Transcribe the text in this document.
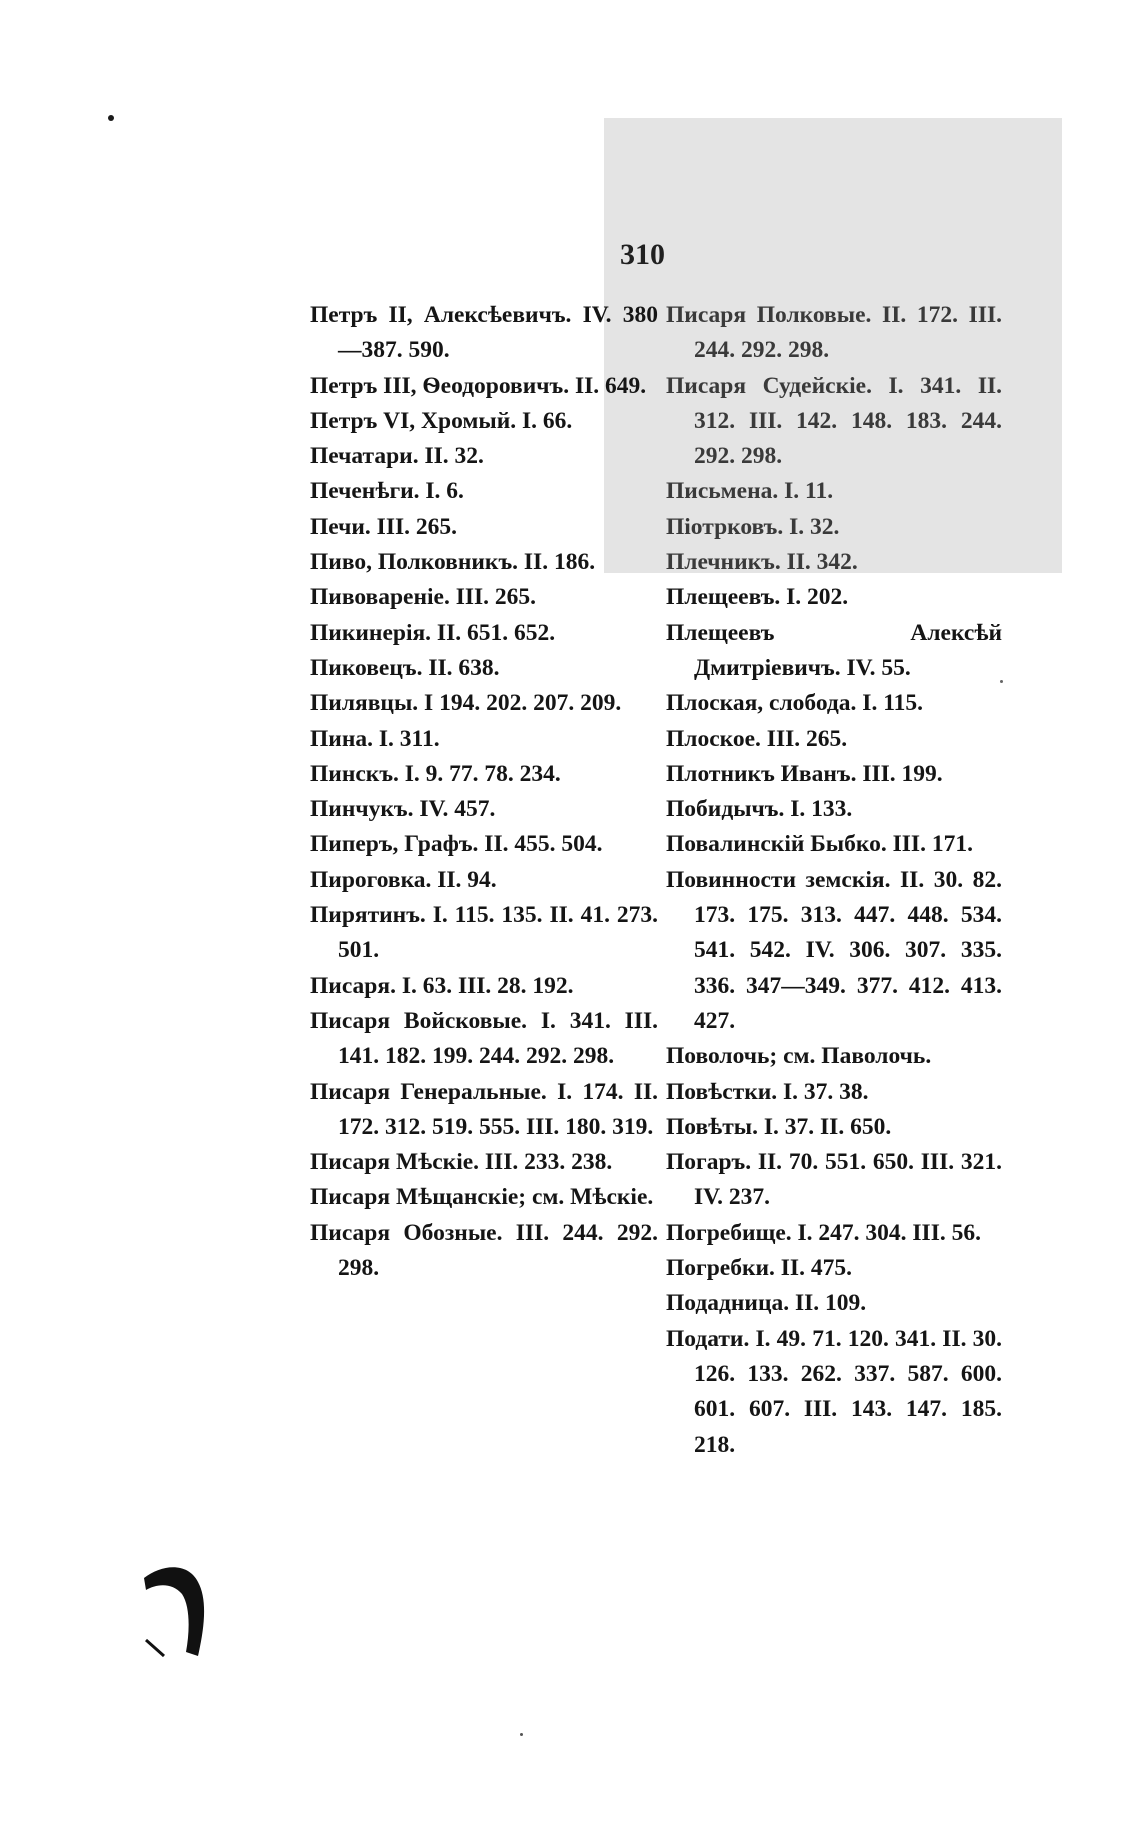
310
Петръ II, Алексѣевичъ. IV. 380—387. 590.
Петръ III, Ѳеодоровичъ. II. 649.
Петръ VI, Хромый. I. 66.
Печатари. II. 32.
Печенѣги. I. 6.
Печи. III. 265.
Пиво, Полковникъ. II. 186.
Пивовареніе. III. 265.
Пикинерія. II. 651. 652.
Пиковецъ. II. 638.
Пилявцы. I 194. 202. 207. 209.
Пина. I. 311.
Пинскъ. I. 9. 77. 78. 234.
Пинчукъ. IV. 457.
Пиперъ, Графъ. II. 455. 504.
Пироговка. II. 94.
Пирятинъ. I. 115. 135. II. 41. 273. 501.
Писаря. I. 63. III. 28. 192.
Писаря Войсковые. I. 341. III. 141. 182. 199. 244. 292. 298.
Писаря Генеральные. I. 174. II. 172. 312. 519. 555. III. 180. 319.
Писаря Мѣскіе. III. 233. 238.
Писаря Мѣщанскіе; см. Мѣскіе.
Писаря Обозные. III. 244. 292. 298.
Писаря Полковые. II. 172. III. 244. 292. 298.
Писаря Судейскіе. I. 341. II. 312. III. 142. 148. 183. 244. 292. 298.
Письмена. I. 11.
Піотрковъ. I. 32.
Плечникъ. II. 342.
Плещеевъ. I. 202.
Плещеевъ Алексѣй Дмитріевичъ. IV. 55.
Плоская, слобода. I. 115.
Плоское. III. 265.
Плотникъ Иванъ. III. 199.
Побидычъ. I. 133.
Повалинскій Быбко. III. 171.
Повинности земскія. II. 30. 82. 173. 175. 313. 447. 448. 534. 541. 542. IV. 306. 307. 335. 336. 347—349. 377. 412. 413. 427.
Поволочь; см. Паволочь.
Повѣстки. I. 37. 38.
Повѣты. I. 37. II. 650.
Погаръ. II. 70. 551. 650. III. 321. IV. 237.
Погребище. I. 247. 304. III. 56.
Погребки. II. 475.
Подадница. II. 109.
Подати. I. 49. 71. 120. 341. II. 30. 126. 133. 262. 337. 587. 600. 601. 607. III. 143. 147. 185. 218.
